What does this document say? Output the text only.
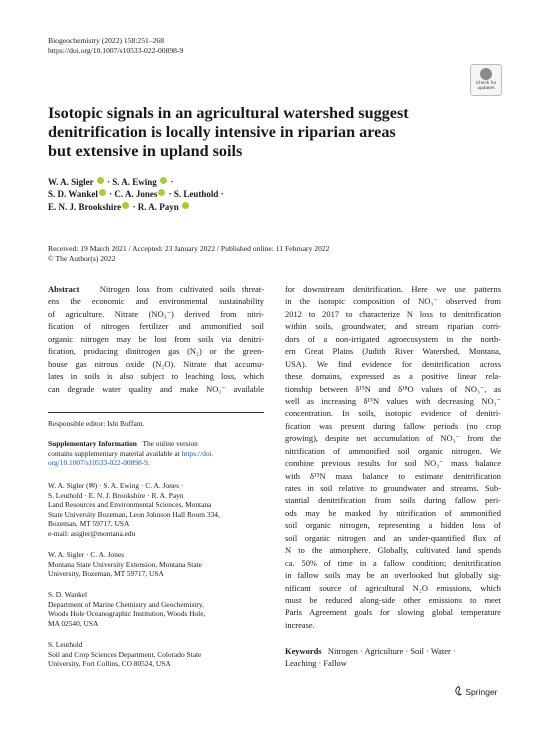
Biogeochemistry (2022) 158:251–268
https://doi.org/10.1007/s10533-022-00898-9
Check for
updates
Isotopic signals in an agricultural watershed suggest
denitrification is locally intensive in riparian areas
but extensive in upland soils
W. A. Sigler  · S. A. Ewing  ·
S. D. Wankel · C. A. Jones · S. Leuthold ·
E. N. J. Brookshire · R. A. Payn
Received: 19 March 2021 / Accepted: 23 January 2022 / Published online: 11 February 2022
© The Author(s) 2022
Abstract Nitrogen loss from cultivated soils threat-
ens the economic and environmental sustainability
of agriculture. Nitrate (NO₃⁻) derived from nitri-
fication of nitrogen fertilizer and ammonified soil
organic nitrogen may be lost from soils via denitri-
fication, producing dinitrogen gas (N₂) or the green-
house gas nitrous oxide (N₂O). Nitrate that accumu-
lates in soils is also subject to leaching loss, which
can degrade water quality and make NO₃⁻ available
Responsible editor: Ishi Buffam.
Supplementary Information The online version
contains supplementary material available at https://doi.
org/10.1007/s10533-022-00898-9.
W. A. Sigler (✉) · S. A. Ewing · C. A. Jones ·
S. Leuthold · E. N. J. Brookshire · R. A. Payn
Land Resources and Environmental Sciences, Montana
State University Bozeman, Leon Johnson Hall Room 334,
Bozeman, MT 59717, USA
e-mail: asigler@montana.edu
W. A. Sigler · C. A. Jones
Montana State University Extension, Montana State
University, Bozeman, MT 59717, USA
S. D. Wankel
Department of Marine Chemistry and Geochemistry,
Woods Hole Oceanographic Institution, Woods Hole,
MA 02540, USA
S. Leuthold
Soil and Crop Sciences Department, Colorado State
University, Fort Collins, CO 80524, USA
for downstream denitrification. Here we use patterns
in the isotopic composition of NO₃⁻ observed from
2012 to 2017 to characterize N loss to denitrification
within soils, groundwater, and stream riparian corri-
dors of a non-irrigated agroecosystem in the north-
ern Great Plains (Judith River Watershed, Montana,
USA). We find evidence for denitrification across
these domains, expressed as a positive linear rela-
tionship between δ¹⁵N and δ¹⁸O values of NO₃⁻, as
well as increasing δ¹⁵N values with decreasing NO₃⁻
concentration. In soils, isotopic evidence of denitri-
fication was present during fallow periods (no crop
growing), despite net accumulation of NO₃⁻ from the
nitrification of ammonified soil organic nitrogen. We
combine previous results for soil NO₃⁻ mass balance
with δ¹⁵N mass balance to estimate denitrification
rates in soil relative to groundwater and streams. Sub-
stantial denitrification from soils during fallow peri-
ods may be masked by nitrification of ammonified
soil organic nitrogen, representing a hidden loss of
soil organic nitrogen and an under-quantified flux of
N to the atmosphere. Globally, cultivated land spends
ca. 50% of time in a fallow condition; denitrification
in fallow soils may be an overlooked but globally sig-
nificant source of agricultural N₂O emissions, which
must be reduced along-side other emissions to meet
Paris Agreement goals for slowing global temperature
increase.
Keywords Nitrogen · Agriculture · Soil · Water ·
Leaching · Fallow
Springer
